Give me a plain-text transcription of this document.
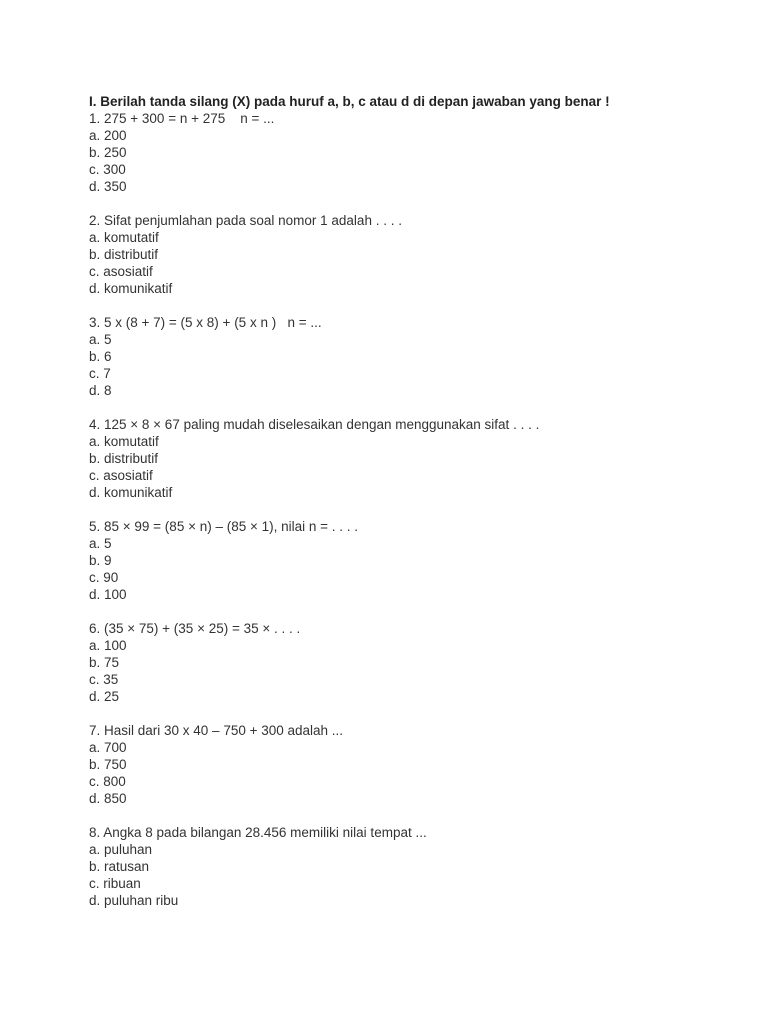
I. Berilah tanda silang (X) pada huruf a, b, c atau d di depan jawaban yang benar !
1. 275 + 300 = n + 275    n = ...
a. 200
b. 250
c. 300
d. 350
2. Sifat penjumlahan pada soal nomor 1 adalah . . . .
a. komutatif
b. distributif
c. asosiatif
d. komunikatif
3. 5 x (8 + 7) = (5 x 8) + (5 x n )   n = ...
a. 5
b. 6
c. 7
d. 8
4. 125 × 8 × 67 paling mudah diselesaikan dengan menggunakan sifat . . . .
a. komutatif
b. distributif
c. asosiatif
d. komunikatif
5. 85 × 99 = (85 × n) – (85 × 1), nilai n = . . . .
a. 5
b. 9
c. 90
d. 100
6. (35 × 75) + (35 × 25) = 35 × . . . .
a. 100
b. 75
c. 35
d. 25
7. Hasil dari 30 x 40 – 750 + 300 adalah ...
a. 700
b. 750
c. 800
d. 850
8. Angka 8 pada bilangan 28.456 memiliki nilai tempat ...
a. puluhan
b. ratusan
c. ribuan
d. puluhan ribu
